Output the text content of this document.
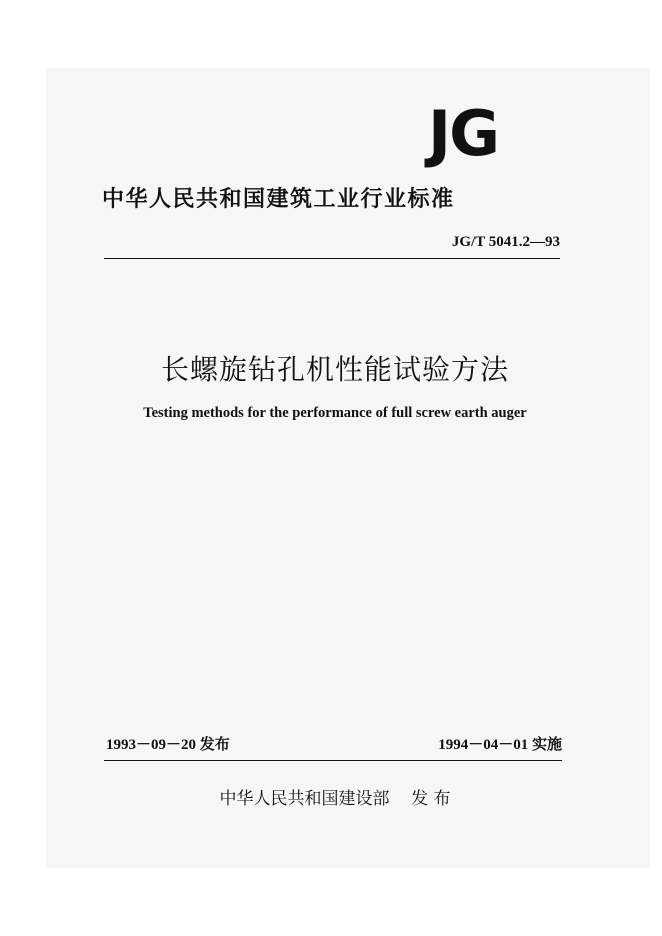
JG
中华人民共和国建筑工业行业标准
JG/T 5041.2—93
长螺旋钻孔机性能试验方法
Testing methods for the performance of full screw earth auger
1993－09－20 发布	1994－04－01 实施
中华人民共和国建设部    发 布
